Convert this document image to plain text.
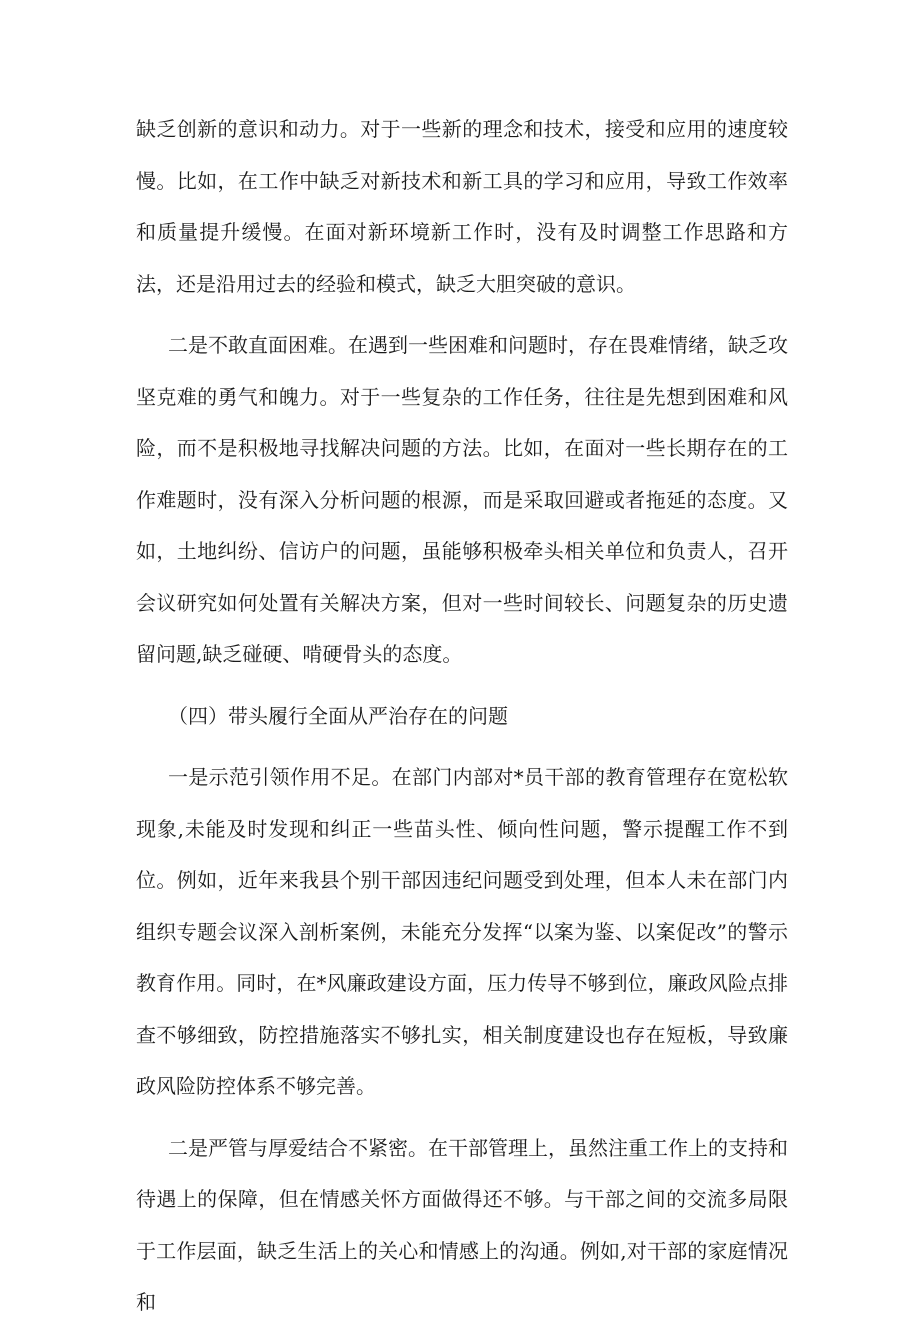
缺乏创新的意识和动力。对于一些新的理念和技术，接受和应用的速度较慢。比如，在工作中缺乏对新技术和新工具的学习和应用，导致工作效率和质量提升缓慢。在面对新环境新工作时，没有及时调整工作思路和方法，还是沿用过去的经验和模式，缺乏大胆突破的意识。

二是不敢直面困难。在遇到一些困难和问题时，存在畏难情绪，缺乏攻坚克难的勇气和魄力。对于一些复杂的工作任务，往往是先想到困难和风险，而不是积极地寻找解决问题的方法。比如，在面对一些长期存在的工作难题时，没有深入分析问题的根源，而是采取回避或者拖延的态度。又如，土地纠纷、信访户的问题，虽能够积极牵头相关单位和负责人，召开会议研究如何处置有关解决方案，但对一些时间较长、问题复杂的历史遗留问题,缺乏碰硬、啃硬骨头的态度。

（四）带头履行全面从严治存在的问题

一是示范引领作用不足。在部门内部对*员干部的教育管理存在宽松软现象,未能及时发现和纠正一些苗头性、倾向性问题，警示提醒工作不到位。例如，近年来我县个别干部因违纪问题受到处理，但本人未在部门内组织专题会议深入剖析案例，未能充分发挥“以案为鉴、以案促改”的警示教育作用。同时，在*风廉政建设方面，压力传导不够到位，廉政风险点排查不够细致，防控措施落实不够扎实，相关制度建设也存在短板，导致廉政风险防控体系不够完善。

二是严管与厚爱结合不紧密。在干部管理上，虽然注重工作上的支持和待遇上的保障，但在情感关怀方面做得还不够。与干部之间的交流多局限于工作层面，缺乏生活上的关心和情感上的沟通。例如,对干部的家庭情况和
